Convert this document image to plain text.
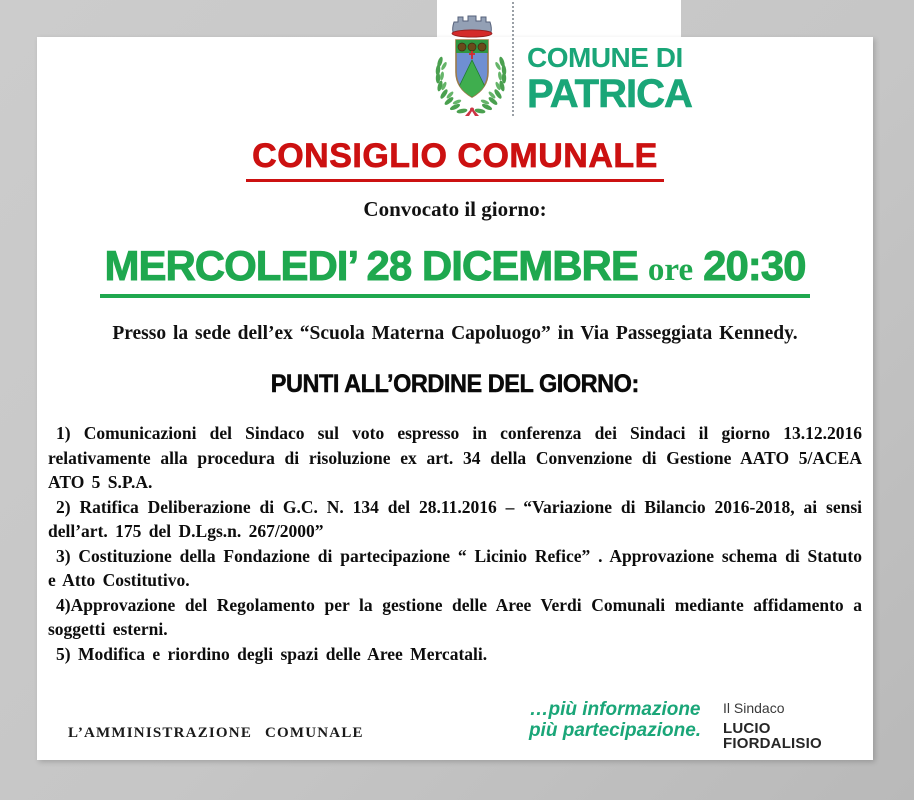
CONSIGLIO COMUNALE
Convocato il giorno:
MERCOLEDI’ 28 DICEMBRE ore 20:30
Presso la sede dell’ex “Scuola Materna Capoluogo” in Via Passeggiata Kennedy.
PUNTI ALL’ORDINE DEL GIORNO:

1) Comunicazioni del Sindaco sul voto espresso in conferenza dei Sindaci il giorno 13.12.2016 relativamente alla procedura di risoluzione ex art. 34 della Convenzione di Gestione AATO 5/ACEA ATO 5 S.P.A.

2) Ratifica Deliberazione di G.C. N. 134 del 28.11.2016 – “Variazione di Bilancio 2016-2018, ai sensi dell’art. 175 del D.Lgs.n. 267/2000”

3) Costituzione della Fondazione di partecipazione “ Licinio Refice” . Approvazione schema di Statuto e Atto Costitutivo.

4)Approvazione del Regolamento per la gestione delle Aree Verdi Comunali mediante affidamento a soggetti esterni.

5) Modifica e riordino degli spazi delle Aree Mercatali.

L’AMMINISTRAZIONE COMUNALE
…più informazione
più partecipazione.
Il Sindaco
LUCIO FIORDALISIO
COMUNE DI
PATRICA
